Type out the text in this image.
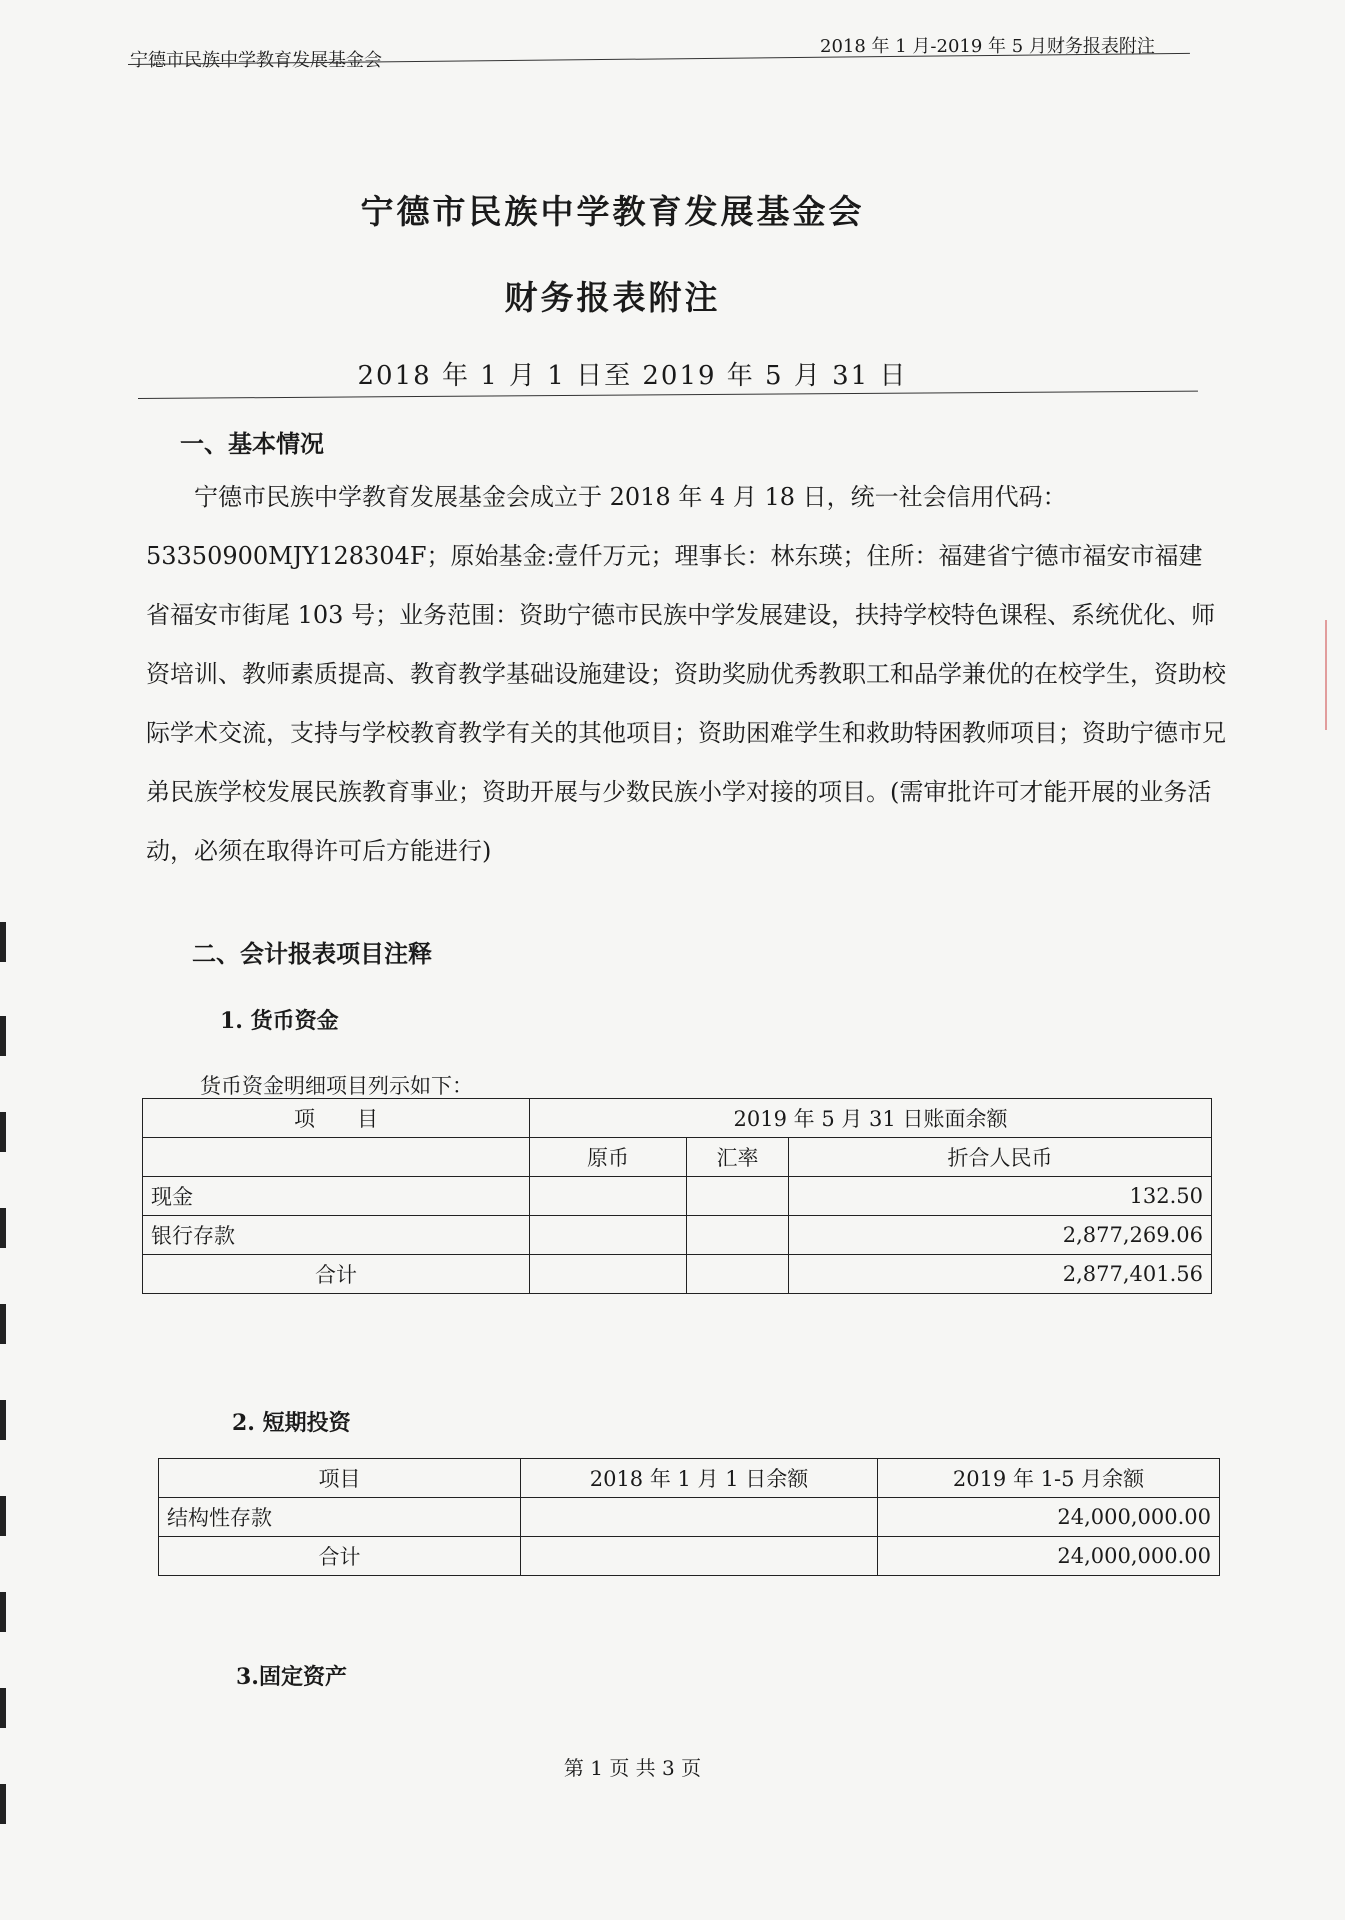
宁德市民族中学教育发展基金会
2018 年 1 月-2019 年 5 月财务报表附注
宁德市民族中学教育发展基金会
财务报表附注
2018 年 1 月 1 日至 2019 年 5 月 31 日
一、基本情况

宁德市民族中学教育发展基金会成立于 2018 年 4 月 18 日，统一社会信用代码：53350900MJY128304F；原始基金:壹仟万元；理事长：林东瑛；住所：福建省宁德市福安市福建省福安市街尾 103 号；业务范围：资助宁德市民族中学发展建设，扶持学校特色课程、系统优化、师资培训、教师素质提高、教育教学基础设施建设；资助奖励优秀教职工和品学兼优的在校学生，资助校际学术交流，支持与学校教育教学有关的其他项目；资助困难学生和救助特困教师项目；资助宁德市兄弟民族学校发展民族教育事业；资助开展与少数民族小学对接的项目。(需审批许可才能开展的业务活动，必须在取得许可后方能进行)

二、会计报表项目注释
1. 货币资金
货币资金明细项目列示如下：
项　　目	2019 年 5 月 31 日账面余额		
	原币	汇率	折合人民币
现金			132.50
银行存款			2,877,269.06
合计			2,877,401.56
2. 短期投资
项目	2018 年 1 月 1 日余额	2019 年 1-5 月余额
结构性存款		24,000,000.00
合计		24,000,000.00
3.固定资产
第 1 页 共 3 页
